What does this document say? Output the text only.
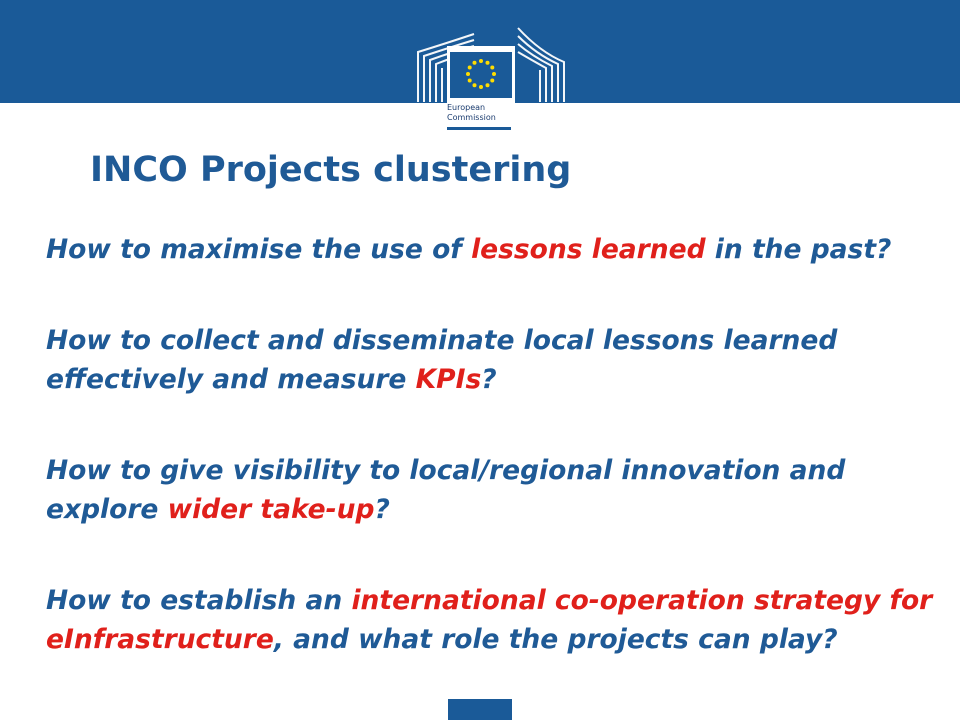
European
Commission
INCO Projects clustering

How to maximise the use of lessons learned in the past?

How to collect and disseminate local lessons learned effectively and measure KPIs?

How to give visibility to local/regional innovation and explore wider take-up?

How to establish an international co-operation strategy for eInfrastructure, and what role the projects can play?
